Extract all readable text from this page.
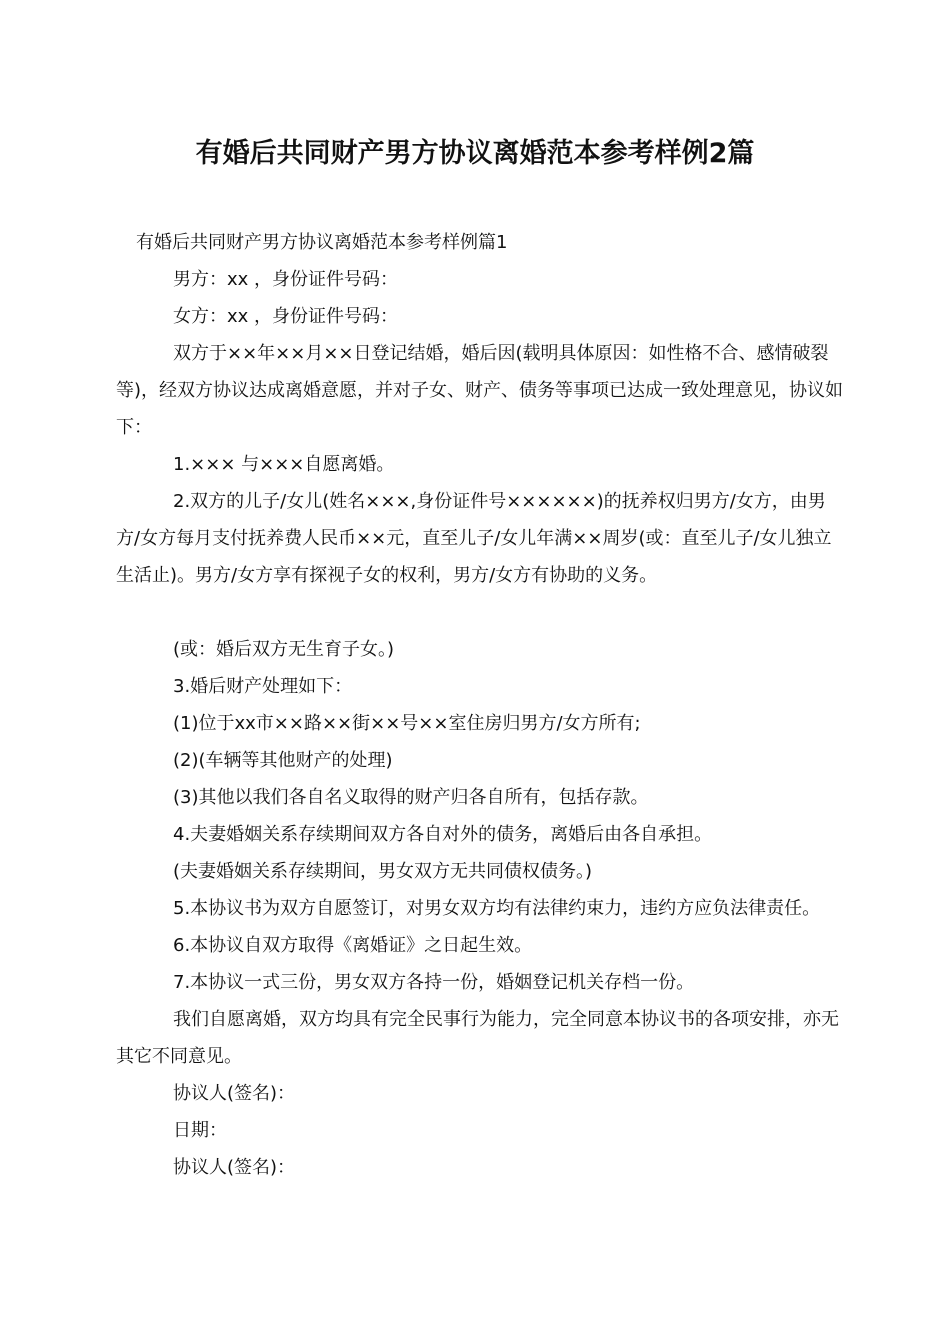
有婚后共同财产男方协议离婚范本参考样例2篇

有婚后共同财产男方协议离婚范本参考样例篇1

男方：xx ，身份证件号码：

女方：xx ，身份证件号码：

双方于××年××月××日登记结婚，婚后因(载明具体原因：如性格不合、感情破裂等)，经双方协议达成离婚意愿，并对子女、财产、债务等事项已达成一致处理意见，协议如下：

1.××× 与×××自愿离婚。

2.双方的儿子/女儿(姓名×××,身份证件号××××××)的抚养权归男方/女方，由男方/女方每月支付抚养费人民币××元，直至儿子/女儿年满××周岁(或：直至儿子/女儿独立生活止)。男方/女方享有探视子女的权利，男方/女方有协助的义务。

(或：婚后双方无生育子女。)

3.婚后财产处理如下：

(1)位于xx市××路××街××号××室住房归男方/女方所有;

(2)(车辆等其他财产的处理)

(3)其他以我们各自名义取得的财产归各自所有，包括存款。

4.夫妻婚姻关系存续期间双方各自对外的债务，离婚后由各自承担。

(夫妻婚姻关系存续期间，男女双方无共同债权债务。)

5.本协议书为双方自愿签订，对男女双方均有法律约束力，违约方应负法律责任。

6.本协议自双方取得《离婚证》之日起生效。

7.本协议一式三份，男女双方各持一份，婚姻登记机关存档一份。

我们自愿离婚，双方均具有完全民事行为能力，完全同意本协议书的各项安排，亦无其它不同意见。

协议人(签名)：

日期：

协议人(签名)：
